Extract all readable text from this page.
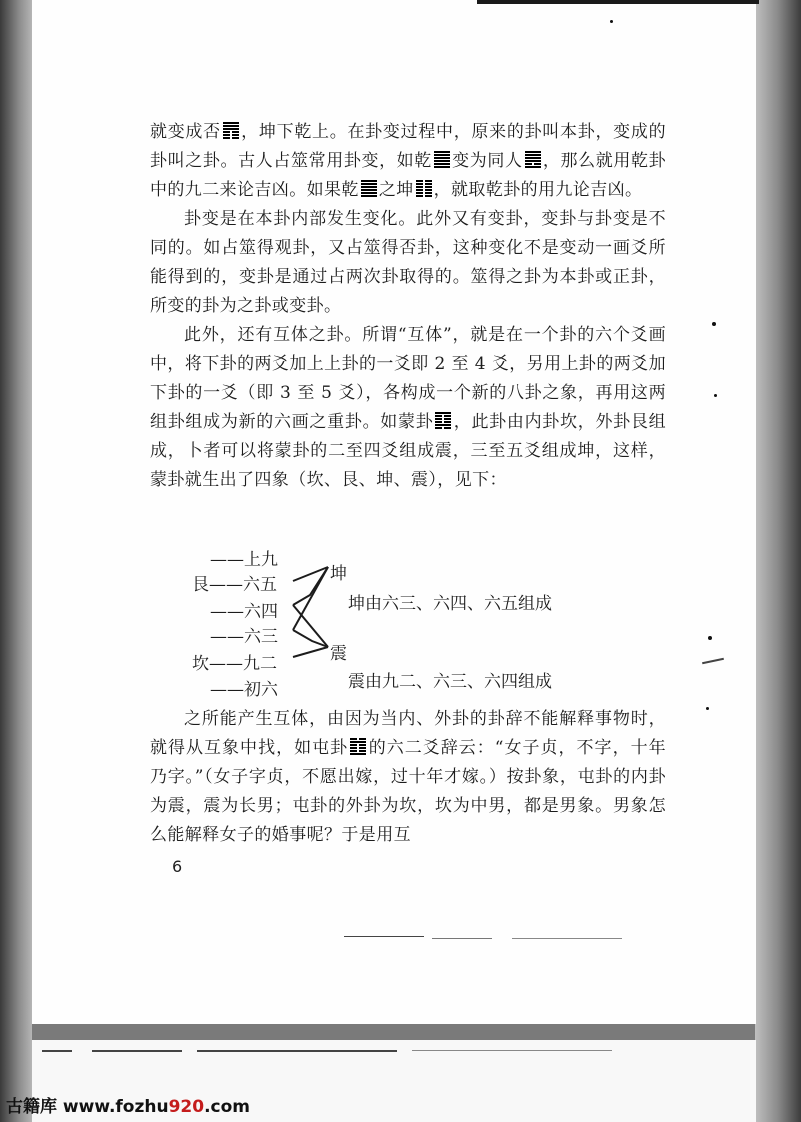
就变成否 ，坤下乾上。在卦变过程中，原来的卦叫本卦，变成的卦叫之卦。古人占筮常用卦变，如乾 变为同人 ，那么就用乾卦中的九二来论吉凶。如果乾 之坤 ，就取乾卦的用九论吉凶。

卦变是在本卦内部发生变化。此外又有变卦，变卦与卦变是不同的。如占筮得观卦，又占筮得否卦，这种变化不是变动一画爻所能得到的，变卦是通过占两次卦取得的。筮得之卦为本卦或正卦，所变的卦为之卦或变卦。

此外，还有互体之卦。所谓“互体”，就是在一个卦的六个爻画中，将下卦的两爻加上上卦的一爻即 2 至 4 爻，另用上卦的两爻加下卦的一爻（即 3 至 5 爻），各构成一个新的八卦之象，再用这两组卦组成为新的六画之重卦。如蒙卦 ，此卦由内卦坎，外卦艮组成，卜者可以将蒙卦的二至四爻组成震，三至五爻组成坤，这样，蒙卦就生出了四象（坎、艮、坤、震），见下：

——上九
艮——六五
——六四
——六三
坎——九二
——初六
坤
震
坤由六三、六四、六五组成
震由九二、六三、六四组成

之所能产生互体，由因为当内、外卦的卦辞不能解释事物时，就得从互象中找，如屯卦 的六二爻辞云：“女子贞，不字，十年乃字。”（女子字贞，不愿出嫁，过十年才嫁。）按卦象，屯卦的内卦为震，震为长男；屯卦的外卦为坎，坎为中男，都是男象。男象怎么能解释女子的婚事呢？于是用互

6
古籍库 www.fozhu920.com
